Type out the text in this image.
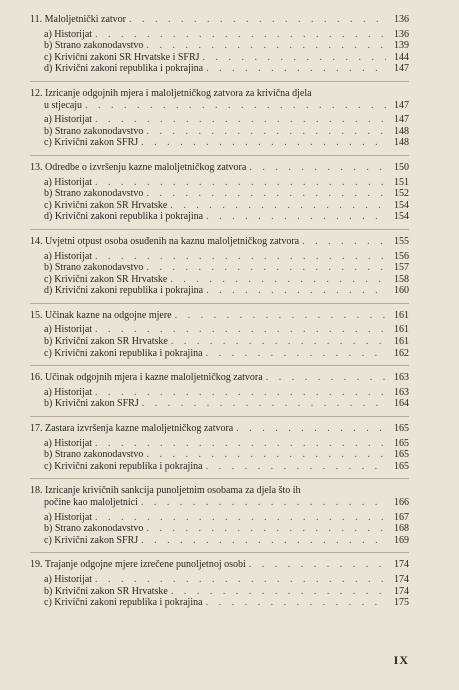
11. Maloljetnički zatvor . . .	136
a) Historijat . . .	136
b) Strano zakonodavstvo . . .	139
c) Krivični zakoni SR Hrvatske i SFRJ . . .	144
d) Krivični zakoni republika i pokrajina . . .	147
12. Izricanje odgojnih mjera i maloljetničkog zatvora za krivična djela
u stjecaju . . .	147
a) Historijat . . .	147
b) Strano zakonodavstvo . . .	148
c) Krivični zakon SFRJ . . .	148
13. Odredbe o izvršenju kazne maloljetničkog zatvora . . .	150
a) Historijat . . .	151
b) Strano zakonodavstvo . . .	152
c) Krivični zakon SR Hrvatske . . .	154
d) Krivični zakoni republika i pokrajina . . .	154
14. Uvjetni otpust osoba osuđenih na kaznu maloljetničkog zatvora . . .	155
a) Historijat . . .	156
b) Strano zakonodavstvo . . .	157
c) Krivični zakon SR Hrvatske . . .	158
d) Krivični zakoni republika i pokrajina . . .	160
15. Učinak kazne na odgojne mjere . . .	161
a) Historijat . . .	161
b) Krivični zakon SR Hrvatske . . .	161
c) Krivični zakoni republika i pokrajina . . .	162
16. Učinak odgojnih mjera i kazne maloljetničkog zatvora . . .	163
a) Historijat . . .	163
b) Krivični zakon SFRJ . . .	164
17. Zastara izvršenja kazne maloljetničkog zatvora . . .	165
a) Historijat . . .	165
b) Strano zakonodavstvo . . .	165
c) Krivični zakoni republika i pokrajina . . .	165
18. Izricanje krivičnih sankcija punoljetnim osobama za djela što ih
počine kao maloljetnici . . .	166
a) Historijat . . .	167
b) Strano zakonodavstvo . . .	168
c) Krivični zakon SFRJ . . .	169
19. Trajanje odgojne mjere izrečene punoljetnoj osobi . . .	174
a) Historijat . . .	174
b) Krivični zakon SR Hrvatske . . .	174
c) Krivični zakoni republika i pokrajina . . .	175
IX
